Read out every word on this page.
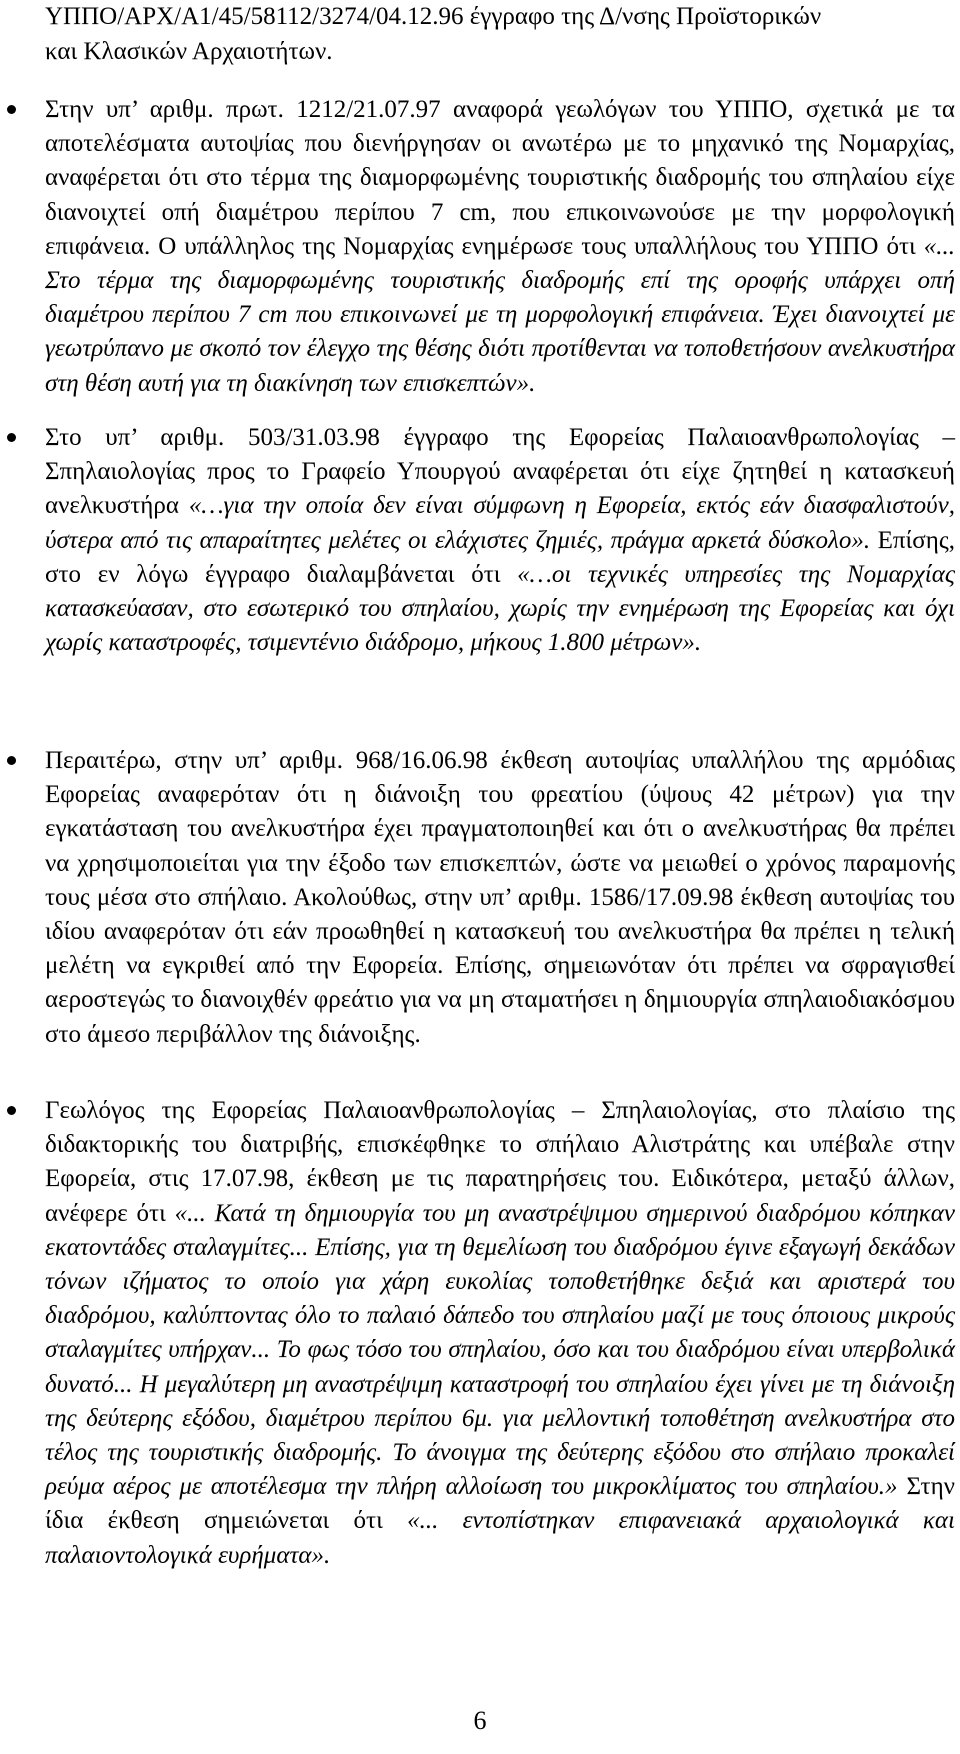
ΥΠΠΟ/ΑΡΧ/Α1/45/58112/3274/04.12.96 έγγραφο της Δ/νσης Προϊστορικών
και Κλασικών Αρχαιοτήτων.

Στην υπ’ αριθμ. πρωτ. 1212/21.07.97 αναφορά γεωλόγων του ΥΠΠΟ, σχετικά με τα αποτελέσματα αυτοψίας που διενήργησαν οι ανωτέρω με το μηχανικό της Νομαρχίας, αναφέρεται ότι στο τέρμα της διαμορφωμένης τουριστικής διαδρομής του σπηλαίου είχε διανοιχτεί οπή διαμέτρου περίπου 7 cm, που επικοινωνούσε με την μορφολογική επιφάνεια. Ο υπάλληλος της Νομαρχίας ενημέρωσε τους υπαλλήλους του ΥΠΠΟ ότι «... Στο τέρμα της διαμορφωμένης τουριστικής διαδρομής επί της οροφής υπάρχει οπή διαμέτρου περίπου 7 cm που επικοινωνεί με τη μορφολογική επιφάνεια. Έχει διανοιχτεί με γεωτρύπανο με σκοπό τον έλεγχο της θέσης διότι προτίθενται να τοποθετήσουν ανελκυστήρα στη θέση αυτή για τη διακίνηση των επισκεπτών».

Στο υπ’ αριθμ. 503/31.03.98 έγγραφο της Εφορείας Παλαιοανθρωπολογίας – Σπηλαιολογίας προς το Γραφείο Υπουργού αναφέρεται ότι είχε ζητηθεί η κατασκευή ανελκυστήρα «…για την οποία δεν είναι σύμφωνη η Εφορεία, εκτός εάν διασφαλιστούν, ύστερα από τις απαραίτητες μελέτες οι ελάχιστες ζημιές, πράγμα αρκετά δύσκολο». Επίσης, στο εν λόγω έγγραφο διαλαμβάνεται ότι «…οι τεχνικές υπηρεσίες της Νομαρχίας κατασκεύασαν, στο εσωτερικό του σπηλαίου, χωρίς την ενημέρωση της Εφορείας και όχι χωρίς καταστροφές, τσιμεντένιο διάδρομο, μήκους 1.800 μέτρων».

Περαιτέρω, στην υπ’ αριθμ. 968/16.06.98 έκθεση αυτοψίας υπαλλήλου της αρμόδιας Εφορείας αναφερόταν ότι η διάνοιξη του φρεατίου (ύψους 42 μέτρων) για την εγκατάσταση του ανελκυστήρα έχει πραγματοποιηθεί και ότι ο ανελκυστήρας θα πρέπει να χρησιμοποιείται για την έξοδο των επισκεπτών, ώστε να μειωθεί ο χρόνος παραμονής τους μέσα στο σπήλαιο. Ακολούθως, στην υπ’ αριθμ. 1586/17.09.98 έκθεση αυτοψίας του ιδίου αναφερόταν ότι εάν προωθηθεί η κατασκευή του ανελκυστήρα θα πρέπει η τελική μελέτη να εγκριθεί από την Εφορεία. Επίσης, σημειωνόταν ότι πρέπει να σφραγισθεί αεροστεγώς το διανοιχθέν φρεάτιο για να μη σταματήσει η δημιουργία σπηλαιοδιακόσμου στο άμεσο περιβάλλον της διάνοιξης.

Γεωλόγος της Εφορείας Παλαιοανθρωπολογίας – Σπηλαιολογίας, στο πλαίσιο της διδακτορικής του διατριβής, επισκέφθηκε το σπήλαιο Αλιστράτης και υπέβαλε στην Εφορεία, στις 17.07.98, έκθεση με τις παρατηρήσεις του. Ειδικότερα, μεταξύ άλλων, ανέφερε ότι «... Κατά τη δημιουργία του μη αναστρέψιμου σημερινού διαδρόμου κόπηκαν εκατοντάδες σταλαγμίτες... Επίσης, για τη θεμελίωση του διαδρόμου έγινε εξαγωγή δεκάδων τόνων ιζήματος το οποίο για χάρη ευκολίας τοποθετήθηκε δεξιά και αριστερά του διαδρόμου, καλύπτοντας όλο το παλαιό δάπεδο του σπηλαίου μαζί με τους όποιους μικρούς σταλαγμίτες υπήρχαν... Το φως τόσο του σπηλαίου, όσο και του διαδρόμου είναι υπερβολικά δυνατό... Η μεγαλύτερη μη αναστρέψιμη καταστροφή του σπηλαίου έχει γίνει με τη διάνοιξη της δεύτερης εξόδου, διαμέτρου περίπου 6μ. για μελλοντική τοποθέτηση ανελκυστήρα στο τέλος της τουριστικής διαδρομής. Το άνοιγμα της δεύτερης εξόδου στο σπήλαιο προκαλεί ρεύμα αέρος με αποτέλεσμα την πλήρη αλλοίωση του μικροκλίματος του σπηλαίου.» Στην ίδια έκθεση σημειώνεται ότι «... εντοπίστηκαν επιφανειακά αρχαιολογικά και παλαιοντολογικά ευρήματα».

6
